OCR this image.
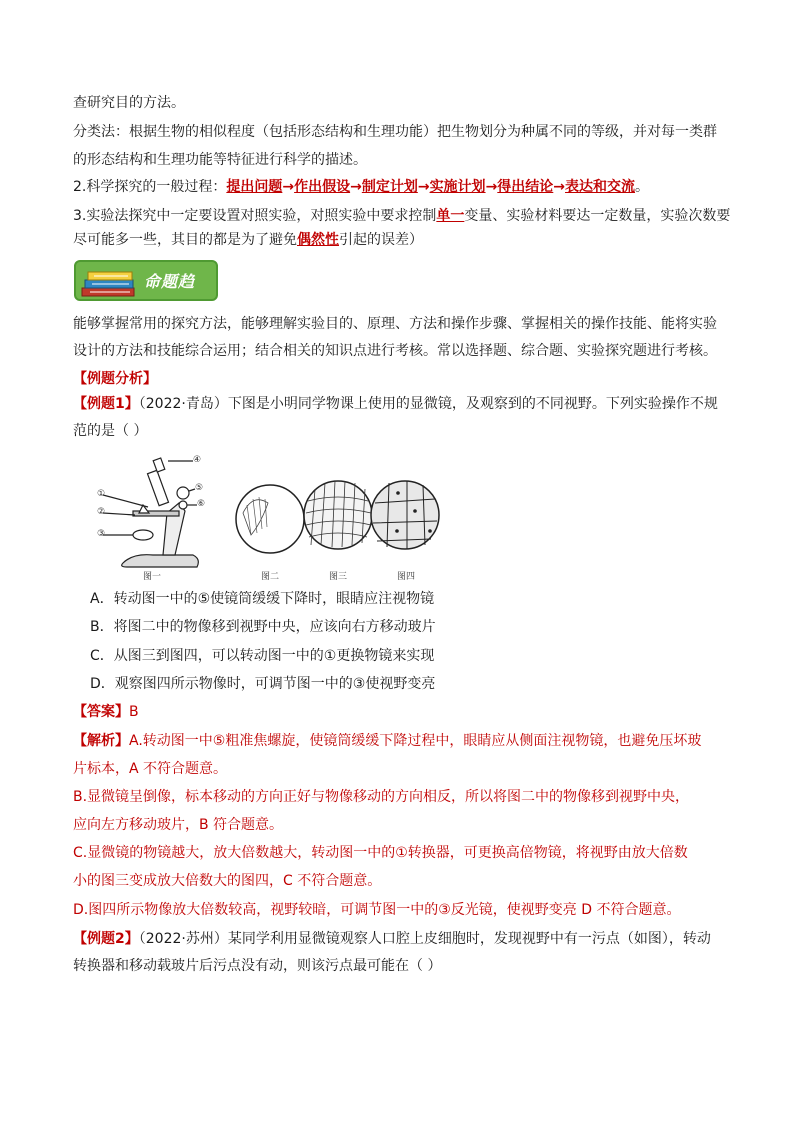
查研究目的方法。
分类法：根据生物的相似程度（包括形态结构和生理功能）把生物划分为种属不同的等级，并对每一类群
的形态结构和生理功能等特征进行科学的描述。
2.科学探究的一般过程：提出问题→作出假设→制定计划→实施计划→得出结论→表达和交流。
3.实验法探究中一定要设置对照实验，对照实验中要求控制单一变量、实验材料要达一定数量，实验次数要
尽可能多一些，其目的都是为了避免偶然性引起的误差）
命题趋
能够掌握常用的探究方法，能够理解实验目的、原理、方法和操作步骤、掌握相关的操作技能、能将实验
设计的方法和技能综合运用；结合相关的知识点进行考核。常以选择题、综合题、实验探究题进行考核。
【例题分析】
【例题1】（2022·青岛）下图是小明同学物课上使用的显微镜，及观察到的不同视野。下列实验操作不规
范的是（ ）
①
②
③
④
⑤
⑥
图一	图二	图三	图四
A．转动图一中的⑤使镜筒缓缓下降时，眼睛应注视物镜
B．将图二中的物像移到视野中央，应该向右方移动玻片
C．从图三到图四，可以转动图一中的①更换物镜来实现
D．观察图四所示物像时，可调节图一中的③使视野变亮
【答案】B
【解析】A.转动图一中⑤粗准焦螺旋，使镜筒缓缓下降过程中，眼睛应从侧面注视物镜，也避免压坏玻
片标本，A 不符合题意。
B.显微镜呈倒像，标本移动的方向正好与物像移动的方向相反，所以将图二中的物像移到视野中央，
应向左方移动玻片，B 符合题意。
C.显微镜的物镜越大，放大倍数越大，转动图一中的①转换器，可更换高倍物镜，将视野由放大倍数
小的图三变成放大倍数大的图四，C 不符合题意。
D.图四所示物像放大倍数较高，视野较暗，可调节图一中的③反光镜，使视野变亮 D 不符合题意。
【例题2】（2022·苏州）某同学利用显微镜观察人口腔上皮细胞时，发现视野中有一污点（如图），转动
转换器和移动载玻片后污点没有动，则该污点最可能在（ ）
